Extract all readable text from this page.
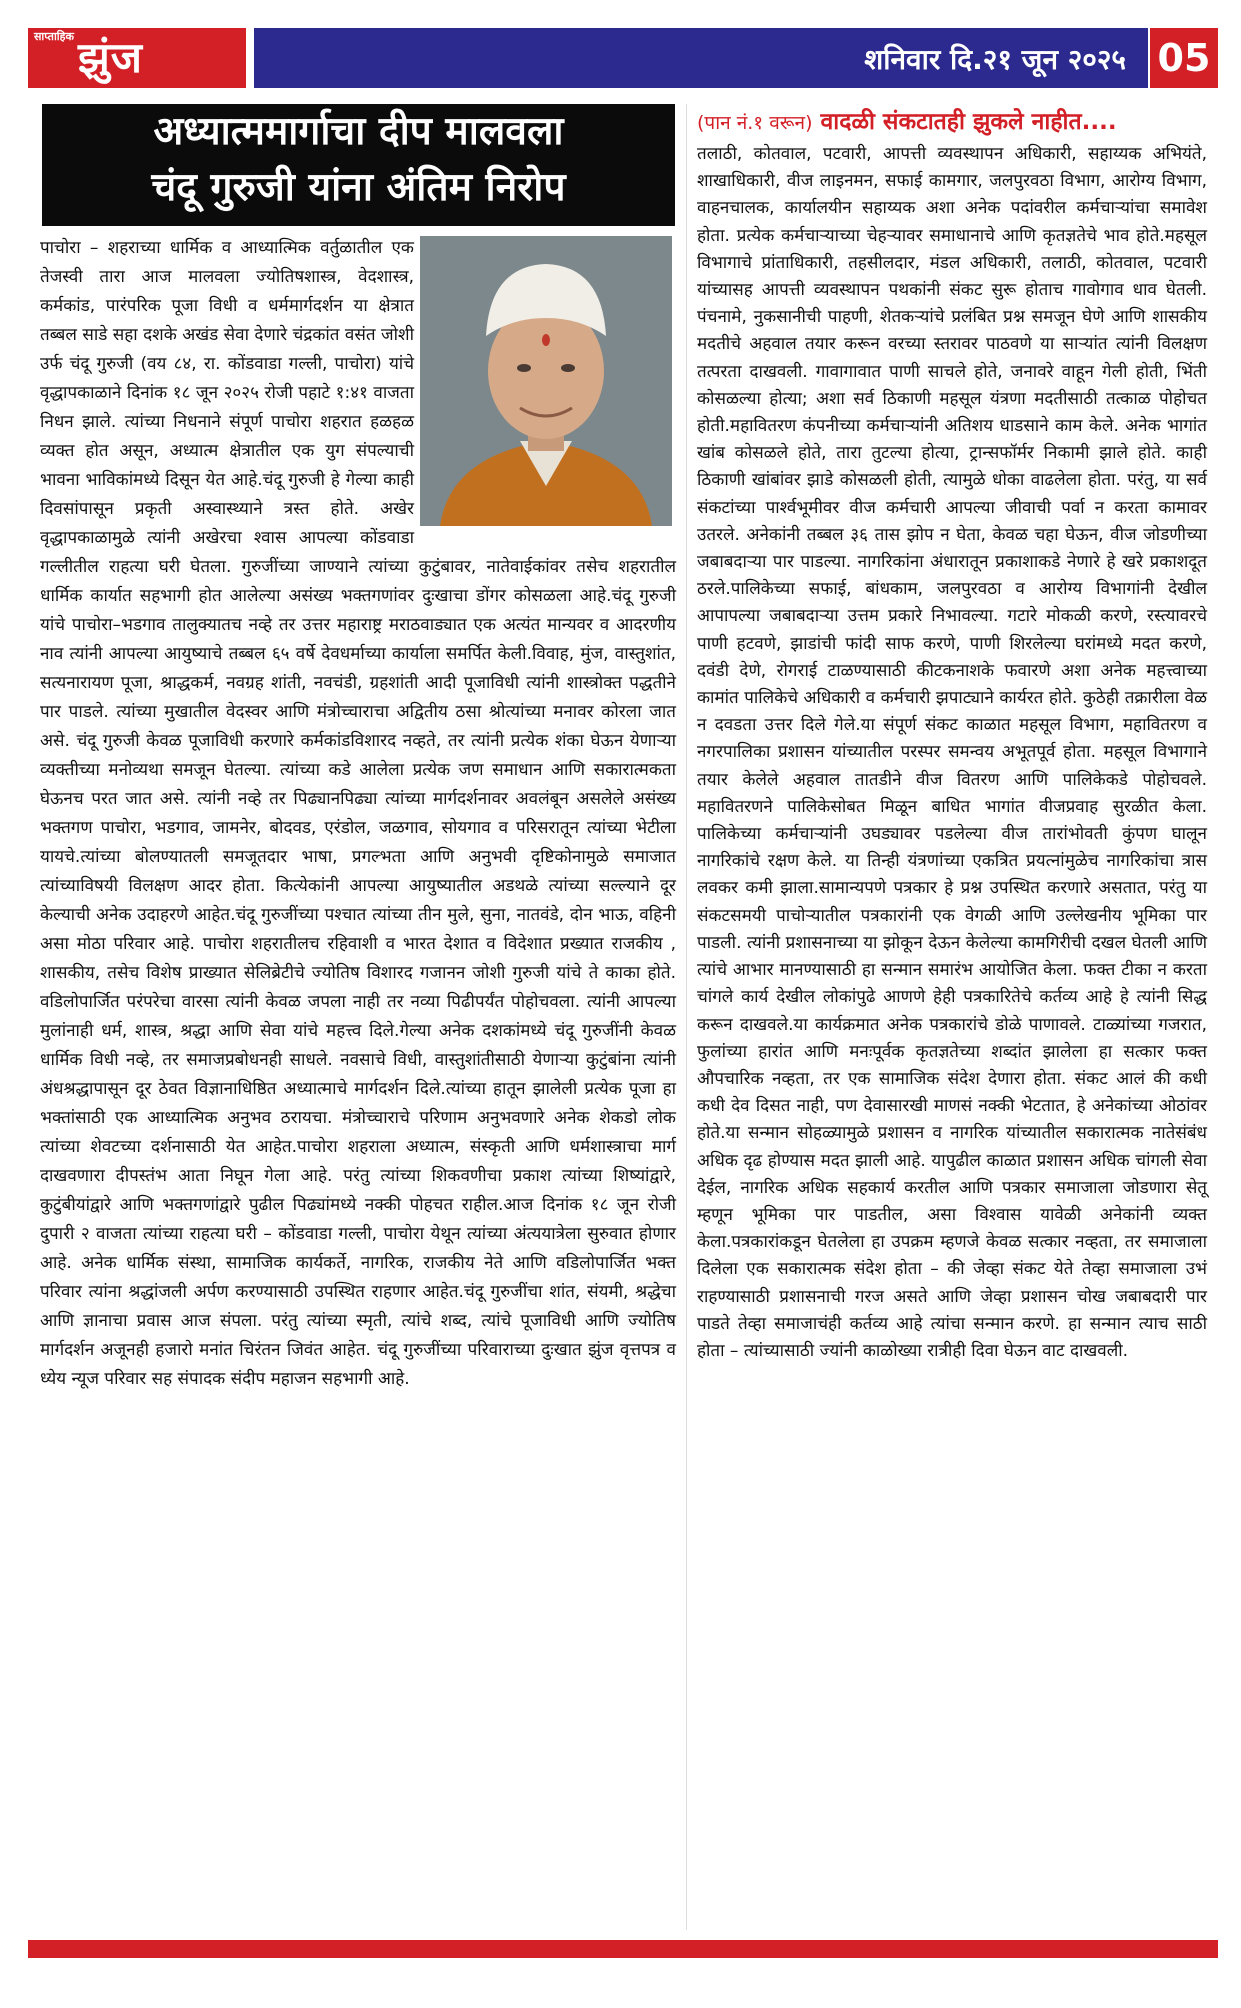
साप्ताहिक झुंज	शनिवार दि.२१ जून २०२५ 05
अध्यात्ममार्गाचा दीप मालवला
चंदू गुरुजी यांना अंतिम निरोप

पाचोरा – शहराच्या धार्मिक व आध्यात्मिक वर्तुळातील एक तेजस्वी तारा आज मालवला ज्योतिषशास्त्र, वेदशास्त्र, कर्मकांड, पारंपरिक पूजा विधी व धर्ममार्गदर्शन या क्षेत्रात तब्बल साडे सहा दशके अखंड सेवा देणारे चंद्रकांत वसंत जोशी उर्फ चंदू गुरुजी (वय ८४, रा. कोंडवाडा गल्ली, पाचोरा) यांचे वृद्धापकाळाने दिनांक १८ जून २०२५ रोजी पहाटे १:४१ वाजता निधन झाले. त्यांच्या निधनाने संपूर्ण पाचोरा शहरात हळहळ व्यक्त होत असून, अध्यात्म क्षेत्रातील एक युग संपल्याची भावना भाविकांमध्ये दिसून येत आहे.चंदू गुरुजी हे गेल्या काही दिवसांपासून प्रकृती अस्वास्थ्याने त्रस्त होते. अखेर वृद्धापकाळामुळे त्यांनी अखेरचा श्वास आपल्या कोंडवाडा गल्लीतील राहत्या घरी घेतला. गुरुजींच्या जाण्याने त्यांच्या कुटुंबावर, नातेवाईकांवर तसेच शहरातील धार्मिक कार्यात सहभागी होत आलेल्या असंख्य भक्तगणांवर दुःखाचा डोंगर कोसळला आहे.चंदू गुरुजी यांचे पाचोरा–भडगाव तालुक्यातच नव्हे तर उत्तर महाराष्ट्र मराठवाड्यात एक अत्यंत मान्यवर व आदरणीय नाव त्यांनी आपल्या आयुष्याचे तब्बल ६५ वर्षे देवधर्माच्या कार्याला समर्पित केली.विवाह, मुंज, वास्तुशांत, सत्यनारायण पूजा, श्राद्धकर्म, नवग्रह शांती, नवचंडी, ग्रहशांती आदी पूजाविधी त्यांनी शास्त्रोक्त पद्धतीने पार पाडले. त्यांच्या मुखातील वेदस्वर आणि मंत्रोच्चाराचा अद्वितीय ठसा श्रोत्यांच्या मनावर कोरला जात असे. चंदू गुरुजी केवळ पूजाविधी करणारे कर्मकांडविशारद नव्हते, तर त्यांनी प्रत्येक शंका घेऊन येणाऱ्या व्यक्तीच्या मनोव्यथा समजून घेतल्या. त्यांच्या कडे आलेला प्रत्येक जण समाधान आणि सकारात्मकता घेऊनच परत जात असे. त्यांनी नव्हे तर पिढ्यानपिढ्या त्यांच्या मार्गदर्शनावर अवलंबून असलेले असंख्य भक्तगण पाचोरा, भडगाव, जामनेर, बोदवड, एरंडोल, जळगाव, सोयगाव व परिसरातून त्यांच्या भेटीला यायचे.त्यांच्या बोलण्यातली समजूतदार भाषा, प्रगल्भता आणि अनुभवी दृष्टिकोनामुळे समाजात त्यांच्याविषयी विलक्षण आदर होता. कित्येकांनी आपल्या आयुष्यातील अडथळे त्यांच्या सल्ल्याने दूर केल्याची अनेक उदाहरणे आहेत.चंदू गुरुजींच्या पश्चात त्यांच्या तीन मुले, सुना, नातवंडे, दोन भाऊ, वहिनी असा मोठा परिवार आहे. पाचोरा शहरातीलच रहिवाशी व भारत देशात व विदेशात प्रख्यात राजकीय , शासकीय, तसेच विशेष प्राख्यात सेलिब्रेटीचे ज्योतिष विशारद गजानन जोशी गुरुजी यांचे ते काका होते. वडिलोपार्जित परंपरेचा वारसा त्यांनी केवळ जपला नाही तर नव्या पिढीपर्यंत पोहोचवला. त्यांनी आपल्या मुलांनाही धर्म, शास्त्र, श्रद्धा आणि सेवा यांचे महत्त्व दिले.गेल्या अनेक दशकांमध्ये चंदू गुरुजींनी केवळ धार्मिक विधी नव्हे, तर समाजप्रबोधनही साधले. नवसाचे विधी, वास्तुशांतीसाठी येणाऱ्या कुटुंबांना त्यांनी अंधश्रद्धापासून दूर ठेवत विज्ञानाधिष्ठित अध्यात्माचे मार्गदर्शन दिले.त्यांच्या हातून झालेली प्रत्येक पूजा हा भक्तांसाठी एक आध्यात्मिक अनुभव ठरायचा. मंत्रोच्चाराचे परिणाम अनुभवणारे अनेक शेकडो लोक त्यांच्या शेवटच्या दर्शनासाठी येत आहेत.पाचोरा शहराला अध्यात्म, संस्कृती आणि धर्मशास्त्राचा मार्ग दाखवणारा दीपस्तंभ आता निघून गेला आहे. परंतु त्यांच्या शिकवणीचा प्रकाश त्यांच्या शिष्यांद्वारे, कुटुंबीयांद्वारे आणि भक्तगणांद्वारे पुढील पिढ्यांमध्ये नक्की पोहचत राहील.आज दिनांक १८ जून रोजी दुपारी २ वाजता त्यांच्या राहत्या घरी – कोंडवाडा गल्ली, पाचोरा येथून त्यांच्या अंत्ययात्रेला सुरुवात होणार आहे. अनेक धार्मिक संस्था, सामाजिक कार्यकर्ते, नागरिक, राजकीय नेते आणि वडिलोपार्जित भक्त परिवार त्यांना श्रद्धांजली अर्पण करण्यासाठी उपस्थित राहणार आहेत.चंदू गुरुजींचा शांत, संयमी, श्रद्धेचा आणि ज्ञानाचा प्रवास आज संपला. परंतु त्यांच्या स्मृती, त्यांचे शब्द, त्यांचे पूजाविधी आणि ज्योतिष मार्गदर्शन अजूनही हजारो मनांत चिरंतन जिवंत आहेत. चंदू गुरुजींच्या परिवाराच्या दुःखात झुंज वृत्तपत्र व ध्येय न्यूज परिवार सह संपादक संदीप महाजन सहभागी आहे.

(पान नं.१ वरून) वादळी संकटातही झुकले नाहीत....

तलाठी, कोतवाल, पटवारी, आपत्ती व्यवस्थापन अधिकारी, सहाय्यक अभियंते, शाखाधिकारी, वीज लाइनमन, सफाई कामगार, जलपुरवठा विभाग, आरोग्य विभाग, वाहनचालक, कार्यालयीन सहाय्यक अशा अनेक पदांवरील कर्मचाऱ्यांचा समावेश होता. प्रत्येक कर्मचाऱ्याच्या चेहऱ्यावर समाधानाचे आणि कृतज्ञतेचे भाव होते.महसूल विभागाचे प्रांताधिकारी, तहसीलदार, मंडल अधिकारी, तलाठी, कोतवाल, पटवारी यांच्यासह आपत्ती व्यवस्थापन पथकांनी संकट सुरू होताच गावोगाव धाव घेतली. पंचनामे, नुकसानीची पाहणी, शेतकऱ्यांचे प्रलंबित प्रश्न समजून घेणे आणि शासकीय मदतीचे अहवाल तयार करून वरच्या स्तरावर पाठवणे या साऱ्यांत त्यांनी विलक्षण तत्परता दाखवली. गावागावात पाणी साचले होते, जनावरे वाहून गेली होती, भिंती कोसळल्या होत्या; अशा सर्व ठिकाणी महसूल यंत्रणा मदतीसाठी तत्काळ पोहोचत होती.महावितरण कंपनीच्या कर्मचाऱ्यांनी अतिशय धाडसाने काम केले. अनेक भागांत खांब कोसळले होते, तारा तुटल्या होत्या, ट्रान्सफॉर्मर निकामी झाले होते. काही ठिकाणी खांबांवर झाडे कोसळली होती, त्यामुळे धोका वाढलेला होता. परंतु, या सर्व संकटांच्या पार्श्वभूमीवर वीज कर्मचारी आपल्या जीवाची पर्वा न करता कामावर उतरले. अनेकांनी तब्बल ३६ तास झोप न घेता, केवळ चहा घेऊन, वीज जोडणीच्या जबाबदाऱ्या पार पाडल्या. नागरिकांना अंधारातून प्रकाशाकडे नेणारे हे खरे प्रकाशदूत ठरले.पालिकेच्या सफाई, बांधकाम, जलपुरवठा व आरोग्य विभागांनी देखील आपापल्या जबाबदाऱ्या उत्तम प्रकारे निभावल्या. गटारे मोकळी करणे, रस्त्यावरचे पाणी हटवणे, झाडांची फांदी साफ करणे, पाणी शिरलेल्या घरांमध्ये मदत करणे, दवंडी देणे, रोगराई टाळण्यासाठी कीटकनाशके फवारणे अशा अनेक महत्त्वाच्या कामांत पालिकेचे अधिकारी व कर्मचारी झपाट्याने कार्यरत होते. कुठेही तक्रारीला वेळ न दवडता उत्तर दिले गेले.या संपूर्ण संकट काळात महसूल विभाग, महावितरण व नगरपालिका प्रशासन यांच्यातील परस्पर समन्वय अभूतपूर्व होता. महसूल विभागाने तयार केलेले अहवाल तातडीने वीज वितरण आणि पालिकेकडे पोहोचवले. महावितरणने पालिकेसोबत मिळून बाधित भागांत वीजप्रवाह सुरळीत केला. पालिकेच्या कर्मचाऱ्यांनी उघड्यावर पडलेल्या वीज तारांभोवती कुंपण घालून नागरिकांचे रक्षण केले. या तिन्ही यंत्रणांच्या एकत्रित प्रयत्नांमुळेच नागरिकांचा त्रास लवकर कमी झाला.सामान्यपणे पत्रकार हे प्रश्न उपस्थित करणारे असतात, परंतु या संकटसमयी पाचोऱ्यातील पत्रकारांनी एक वेगळी आणि उल्लेखनीय भूमिका पार पाडली. त्यांनी प्रशासनाच्या या झोकून देऊन केलेल्या कामगिरीची दखल घेतली आणि त्यांचे आभार मानण्यासाठी हा सन्मान समारंभ आयोजित केला. फक्त टीका न करता चांगले कार्य देखील लोकांपुढे आणणे हेही पत्रकारितेचे कर्तव्य आहे हे त्यांनी सिद्ध करून दाखवले.या कार्यक्रमात अनेक पत्रकारांचे डोळे पाणावले. टाळ्यांच्या गजरात, फुलांच्या हारांत आणि मनःपूर्वक कृतज्ञतेच्या शब्दांत झालेला हा सत्कार फक्त औपचारिक नव्हता, तर एक सामाजिक संदेश देणारा होता. संकट आलं की कधी कधी देव दिसत नाही, पण देवासारखी माणसं नक्की भेटतात, हे अनेकांच्या ओठांवर होते.या सन्मान सोहळ्यामुळे प्रशासन व नागरिक यांच्यातील सकारात्मक नातेसंबंध अधिक दृढ होण्यास मदत झाली आहे. यापुढील काळात प्रशासन अधिक चांगली सेवा देईल, नागरिक अधिक सहकार्य करतील आणि पत्रकार समाजाला जोडणारा सेतू म्हणून भूमिका पार पाडतील, असा विश्वास यावेळी अनेकांनी व्यक्त केला.पत्रकारांकडून घेतलेला हा उपक्रम म्हणजे केवळ सत्कार नव्हता, तर समाजाला दिलेला एक सकारात्मक संदेश होता – की जेव्हा संकट येते तेव्हा समाजाला उभं राहण्यासाठी प्रशासनाची गरज असते आणि जेव्हा प्रशासन चोख जबाबदारी पार पाडते तेव्हा समाजाचंही कर्तव्य आहे त्यांचा सन्मान करणे. हा सन्मान त्याच साठी होता – त्यांच्यासाठी ज्यांनी काळोख्या रात्रीही दिवा घेऊन वाट दाखवली.
